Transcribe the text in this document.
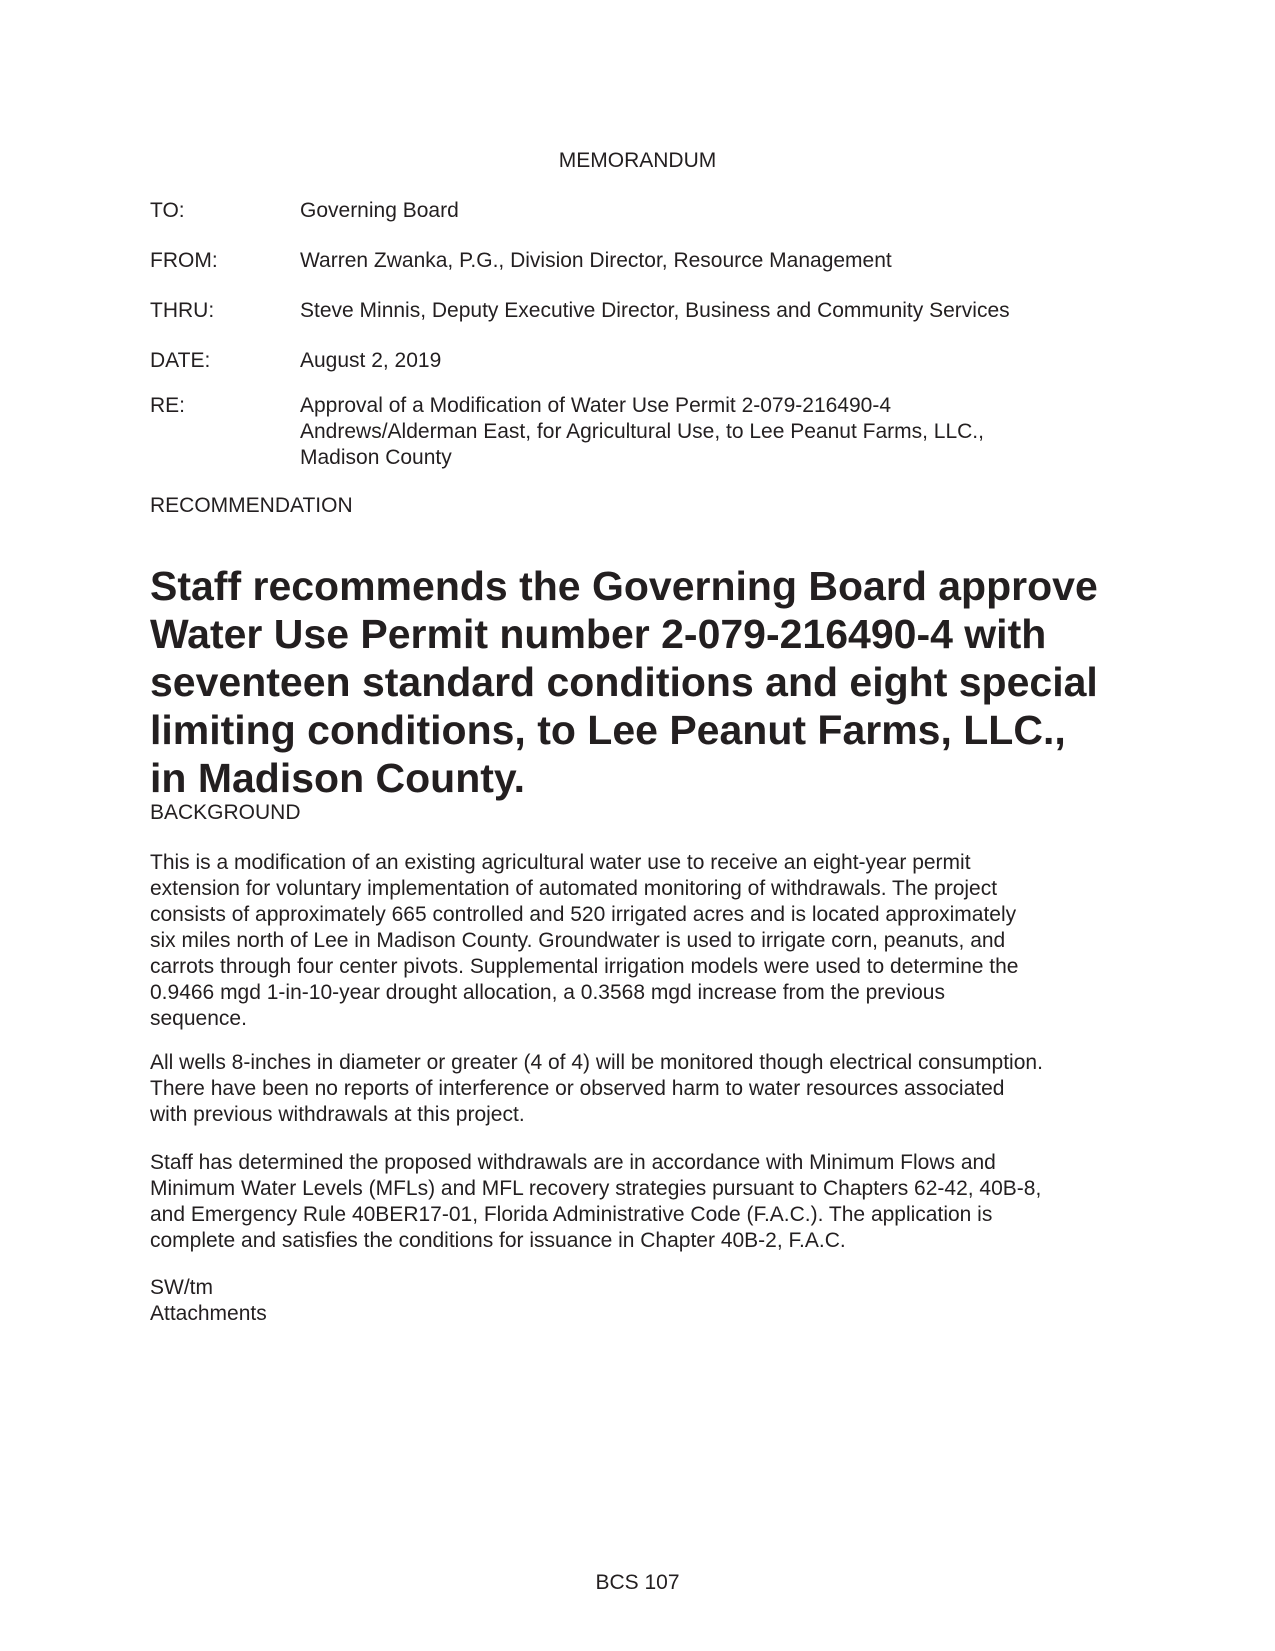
MEMORANDUM
TO:	Governing Board
FROM:	Warren Zwanka, P.G., Division Director, Resource Management
THRU:	Steve Minnis, Deputy Executive Director, Business and Community Services
DATE:	August 2, 2019
RE:	Approval of a Modification of Water Use Permit 2-079-216490-4
Andrews/Alderman East, for Agricultural Use, to Lee Peanut Farms, LLC.,
Madison County
RECOMMENDATION
Staff recommends the Governing Board approve
Water Use Permit number 2-079-216490-4 with
seventeen standard conditions and eight special
limiting conditions, to Lee Peanut Farms, LLC.,
in Madison County.
BACKGROUND
This is a modification of an existing agricultural water use to receive an eight-year permit
extension for voluntary implementation of automated monitoring of withdrawals. The project
consists of approximately 665 controlled and 520 irrigated acres and is located approximately
six miles north of Lee in Madison County. Groundwater is used to irrigate corn, peanuts, and
carrots through four center pivots. Supplemental irrigation models were used to determine the
0.9466 mgd 1-in-10-year drought allocation, a 0.3568 mgd increase from the previous
sequence.
All wells 8-inches in diameter or greater (4 of 4) will be monitored though electrical consumption.
There have been no reports of interference or observed harm to water resources associated
with previous withdrawals at this project.
Staff has determined the proposed withdrawals are in accordance with Minimum Flows and
Minimum Water Levels (MFLs) and MFL recovery strategies pursuant to Chapters 62-42, 40B-8,
and Emergency Rule 40BER17-01, Florida Administrative Code (F.A.C.). The application is
complete and satisfies the conditions for issuance in Chapter 40B-2, F.A.C.
SW/tm
Attachments
BCS 107
